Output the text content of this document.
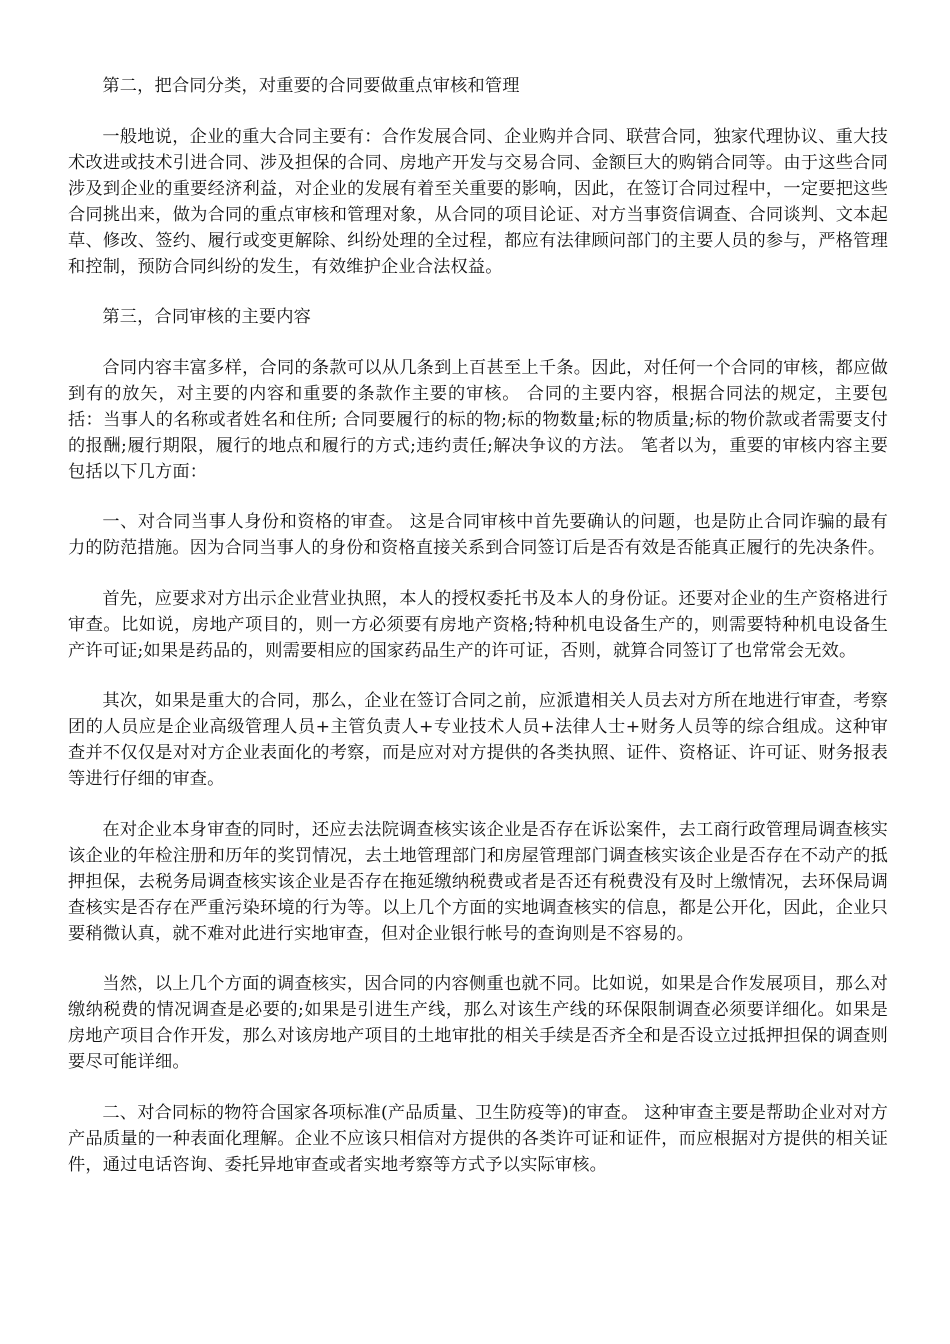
第二，把合同分类，对重要的合同要做重点审核和管理

一般地说，企业的重大合同主要有：合作发展合同、企业购并合同、联营合同，独家代理协议、重大技术改进或技术引进合同、涉及担保的合同、房地产开发与交易合同、金额巨大的购销合同等。由于这些合同涉及到企业的重要经济利益，对企业的发展有着至关重要的影响，因此，在签订合同过程中，一定要把这些合同挑出来，做为合同的重点审核和管理对象，从合同的项目论证、对方当事资信调查、合同谈判、文本起草、修改、签约、履行或变更解除、纠纷处理的全过程，都应有法律顾问部门的主要人员的参与，严格管理和控制，预防合同纠纷的发生，有效维护企业合法权益。

第三，合同审核的主要内容

合同内容丰富多样，合同的条款可以从几条到上百甚至上千条。因此，对任何一个合同的审核，都应做到有的放矢，对主要的内容和重要的条款作主要的审核。 合同的主要内容，根据合同法的规定，主要包括：当事人的名称或者姓名和住所; 合同要履行的标的物;标的物数量;标的物质量;标的物价款或者需要支付的报酬;履行期限，履行的地点和履行的方式;违约责任;解决争议的方法。 笔者以为，重要的审核内容主要包括以下几方面：

一、对合同当事人身份和资格的审查。 这是合同审核中首先要确认的问题，也是防止合同诈骗的最有力的防范措施。因为合同当事人的身份和资格直接关系到合同签订后是否有效是否能真正履行的先决条件。

首先，应要求对方出示企业营业执照，本人的授权委托书及本人的身份证。还要对企业的生产资格进行审查。比如说，房地产项目的，则一方必须要有房地产资格;特种机电设备生产的，则需要特种机电设备生产许可证;如果是药品的，则需要相应的国家药品生产的许可证，否则，就算合同签订了也常常会无效。

其次，如果是重大的合同，那么，企业在签订合同之前，应派遣相关人员去对方所在地进行审查，考察团的人员应是企业高级管理人员+主管负责人+专业技术人员+法律人士+财务人员等的综合组成。这种审查并不仅仅是对对方企业表面化的考察，而是应对对方提供的各类执照、证件、资格证、许可证、财务报表等进行仔细的审查。

在对企业本身审查的同时，还应去法院调查核实该企业是否存在诉讼案件，去工商行政管理局调查核实该企业的年检注册和历年的奖罚情况，去土地管理部门和房屋管理部门调查核实该企业是否存在不动产的抵押担保，去税务局调查核实该企业是否存在拖延缴纳税费或者是否还有税费没有及时上缴情况，去环保局调查核实是否存在严重污染环境的行为等。以上几个方面的实地调查核实的信息，都是公开化，因此，企业只要稍微认真，就不难对此进行实地审查，但对企业银行帐号的查询则是不容易的。

当然，以上几个方面的调查核实，因合同的内容侧重也就不同。比如说，如果是合作发展项目，那么对缴纳税费的情况调查是必要的;如果是引进生产线，那么对该生产线的环保限制调查必须要详细化。如果是房地产项目合作开发，那么对该房地产项目的土地审批的相关手续是否齐全和是否设立过抵押担保的调查则要尽可能详细。

二、对合同标的物符合国家各项标准(产品质量、卫生防疫等)的审查。 这种审查主要是帮助企业对对方产品质量的一种表面化理解。企业不应该只相信对方提供的各类许可证和证件，而应根据对方提供的相关证件，通过电话咨询、委托异地审查或者实地考察等方式予以实际审核。
